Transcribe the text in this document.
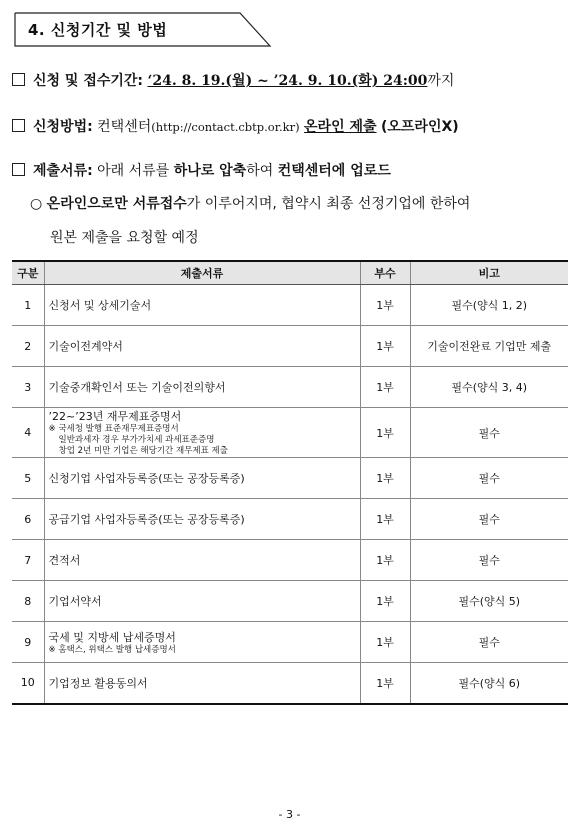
4. 신청기간 및 방법
신청 및 접수기간: ‘24. 8. 19.(월) ~ ’24. 9. 10.(화) 24:00까지
신청방법: 컨택센터(http://contact.cbtp.or.kr) 온라인 제출 (오프라인X)
제출서류: 아래 서류를 하나로 압축하여 컨택센터에 업로드
○ 온라인으로만 서류접수가 이루어지며, 협약시 최종 선정기업에 한하여
원본 제출을 요청할 예정
구분	제출서류	부수	비고
1	신청서 및 상세기술서	1부	필수(양식 1, 2)
2	기술이전계약서	1부	기술이전완료 기업만 제출
3	기술중개확인서 또는 기술이전의향서	1부	필수(양식 3, 4)
4	’22~’23년 재무제표증명서
※ 국세청 발행 표준재무제표증명서
일반과세자 경우 부가가치세 과세표준증명
창업 2년 미만 기업은 해당기간 재무제표 제출	1부	필수
5	신청기업 사업자등록증(또는 공장등록증)	1부	필수
6	공급기업 사업자등록증(또는 공장등록증)	1부	필수
7	견적서	1부	필수
8	기업서약서	1부	필수(양식 5)
9	국세 및 지방세 납세증명서
※ 홈택스, 위택스 발행 납세증명서	1부	필수
10	기업정보 활용동의서	1부	필수(양식 6)
- 3 -
